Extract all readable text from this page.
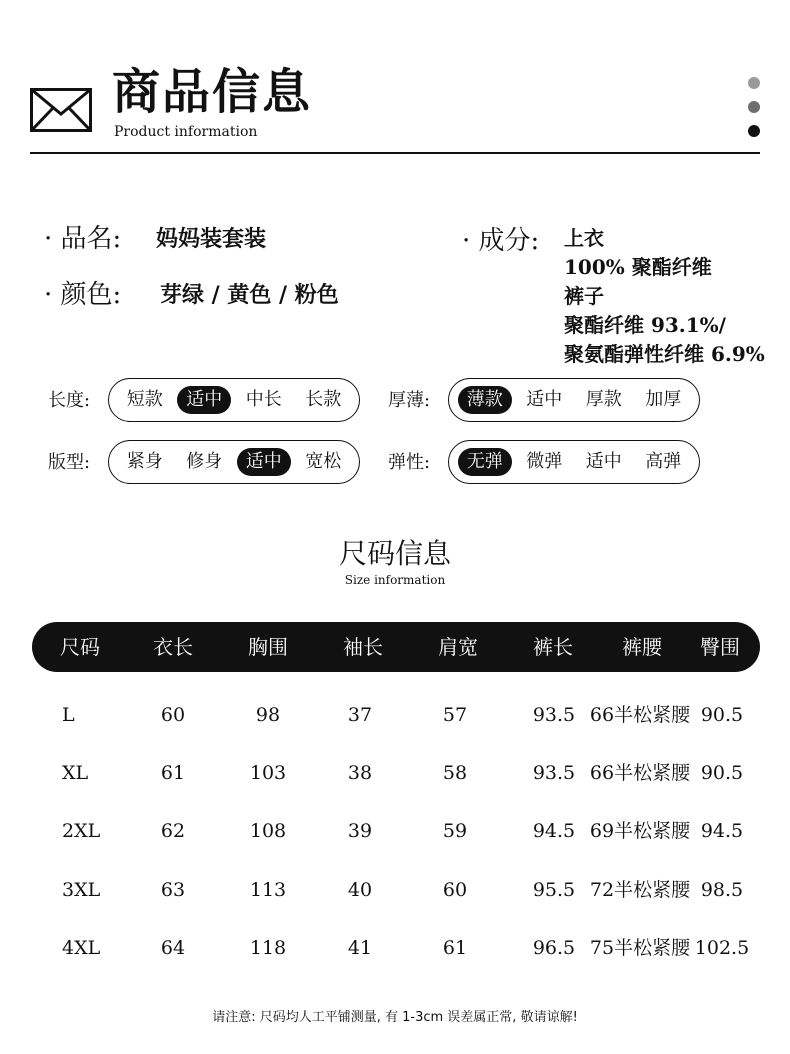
商品信息
Product information
· 品名: 妈妈装套装
· 颜色: 芽绿 / 黄色 / 粉色
· 成分: 上衣
100% 聚酯纤维
裤子
聚酯纤维 93.1%/
聚氨酯弹性纤维 6.9%
长度:	短款	适中	中长	长款	厚薄:	薄款	适中	厚款	加厚
版型:	紧身	修身	适中	宽松	弹性:	无弹	微弹	适中	高弹
尺码信息
Size information
尺码	衣长	胸围	袖长	肩宽	裤长 裤腰 臀围
L	60	98	37	57	93.5 66半松紧腰 90.5
XL	61	103	38	58	93.5 66半松紧腰 90.5
2XL	62	108	39	59	94.5 69半松紧腰 94.5
3XL	63	113	40	60	95.5 72半松紧腰 98.5
4XL	64	118	41	61	96.5 75半松紧腰 102.5
请注意: 尺码均人工平铺测量, 有 1-3cm 误差属正常, 敬请谅解!
